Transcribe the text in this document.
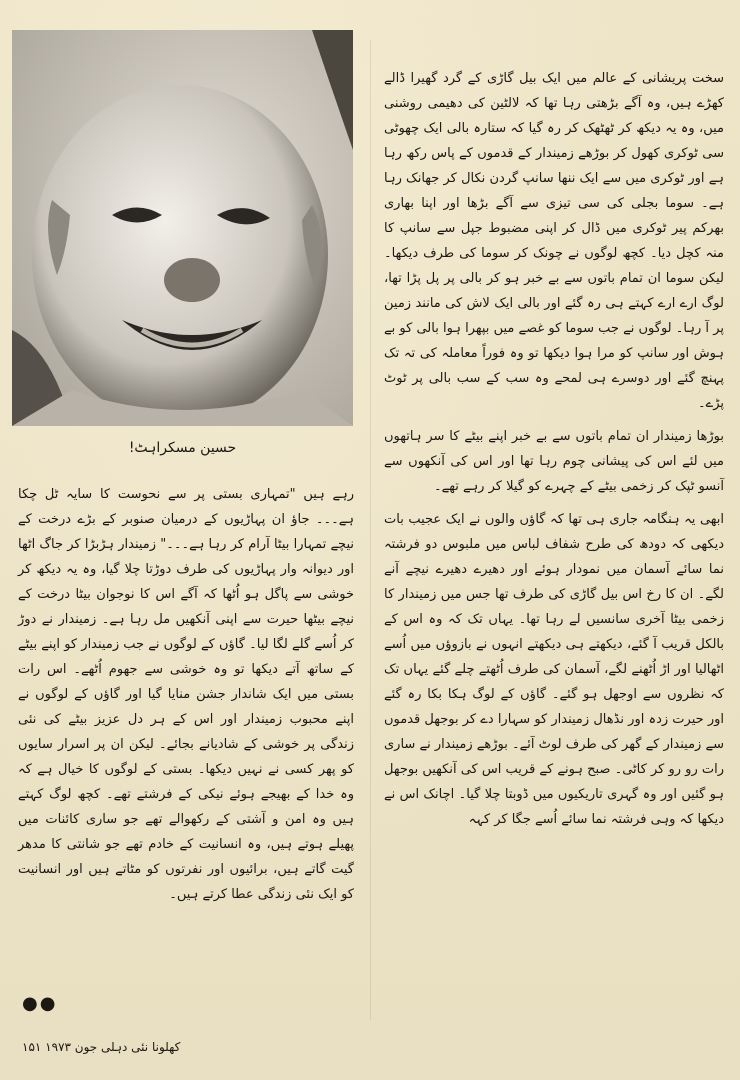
حسین مسکراہٹ!

سخت پریشانی کے عالم میں ایک بیل گاڑی کے گرد گھیرا ڈالے کھڑے ہیں، وہ آگے بڑھتی رہا تھا کہ لالٹین کی دھیمی روشنی میں، وہ یہ دیکھ کر ٹھٹھک کر رہ گیا کہ ستارہ بالی ایک چھوٹی سی ٹوکری کھول کر بوڑھے زمیندار کے قدموں کے پاس رکھ رہا ہے اور ٹوکری میں سے ایک ننھا سانپ گردن نکال کر جھانک رہا ہے۔ سوما بجلی کی سی تیزی سے آگے بڑھا اور اپنا بھاری بھرکم پیر ٹوکری میں ڈال کر اپنی مضبوط جپل سے سانپ کا منہ کچل دیا۔ کچھ لوگوں نے چونک کر سوما کی طرف دیکھا۔ لیکن سوما ان تمام باتوں سے بے خبر ہو کر بالی پر پل پڑا تھا، لوگ ارے ارے کہتے ہی رہ گئے اور بالی ایک لاش کی مانند زمین پر آ رہا۔ لوگوں نے جب سوما کو غصے میں بپھرا ہوا بالی کو بے ہوش اور سانپ کو مرا ہوا دیکھا تو وہ فوراً معاملہ کی تہ تک پہنچ گئے اور دوسرے ہی لمحے وہ سب کے سب بالی پر ٹوٹ پڑے۔

بوڑھا زمیندار ان تمام باتوں سے بے خبر اپنے بیٹے کا سر ہاتھوں میں لئے اس کی پیشانی چوم رہا تھا اور اس کی آنکھوں سے آنسو ٹپک کر زخمی بیٹے کے چہرے کو گیلا کر رہے تھے۔

ابھی یہ ہنگامہ جاری ہی تھا کہ گاؤں والوں نے ایک عجیب بات دیکھی کہ دودھ کی طرح شفاف لباس میں ملبوس دو فرشتہ نما سائے آسمان میں نمودار ہوئے اور دھیرے دھیرے نیچے آنے لگے۔ ان کا رخ اس بیل گاڑی کی طرف تھا جس میں زمیندار کا زخمی بیٹا آخری سانسیں لے رہا تھا۔ یہاں تک کہ وہ اس کے بالکل قریب آ گئے، دیکھتے ہی دیکھتے انہوں نے بازوؤں میں اُسے اٹھالیا اور اڑ اُٹھنے لگے، آسمان کی طرف اُٹھتے چلے گئے یہاں تک کہ نظروں سے اوجھل ہو گئے۔ گاؤں کے لوگ ہکا بکا رہ گئے اور حیرت زدہ اور نڈھال زمیندار کو سہارا دے کر بوجھل قدموں سے زمیندار کے گھر کی طرف لوٹ آئے۔ بوڑھے زمیندار نے ساری رات رو رو کر کاٹی۔ صبح ہونے کے قریب اس کی آنکھیں بوجھل ہو گئیں اور وہ گہری تاریکیوں میں ڈوبتا چلا گیا۔ اچانک اس نے دیکھا کہ وہی فرشتہ نما سائے اُسے جگا کر کہہ

رہے ہیں "تمہاری بستی پر سے نحوست کا سایہ ٹل چکا ہے۔۔۔ جاؤ ان پہاڑیوں کے درمیان صنوبر کے بڑے درخت کے نیچے تمہارا بیٹا آرام کر رہا ہے۔۔۔" زمیندار ہڑبڑا کر جاگ اٹھا اور دیوانہ وار پہاڑیوں کی طرف دوڑتا چلا گیا، وہ یہ دیکھ کر خوشی سے پاگل ہو اُٹھا کہ آگے اس کا نوجوان بیٹا درخت کے نیچے بیٹھا حیرت سے اپنی آنکھیں مل رہا ہے۔ زمیندار نے دوڑ کر اُسے گلے لگا لیا۔ گاؤں کے لوگوں نے جب زمیندار کو اپنے بیٹے کے ساتھ آتے دیکھا تو وہ خوشی سے جھوم اُٹھے۔ اس رات بستی میں ایک شاندار جشن منایا گیا اور گاؤں کے لوگوں نے اپنے محبوب زمیندار اور اس کے ہر دل عزیز بیٹے کی نئی زندگی پر خوشی کے شادیانے بجائے۔ لیکن ان پر اسرار سایوں کو پھر کسی نے نہیں دیکھا۔ بستی کے لوگوں کا خیال ہے کہ وہ خدا کے بھیجے ہوئے نیکی کے فرشتے تھے۔ کچھ لوگ کہتے ہیں وہ امن و آشتی کے رکھوالے تھے جو ساری کائنات میں پھیلے ہوتے ہیں، وہ انسانیت کے خادم تھے جو شانتی کا مدھر گیت گاتے ہیں، برائیوں اور نفرتوں کو مٹاتے ہیں اور انسانیت کو ایک نئی زندگی عطا کرتے ہیں۔

●●
کھلونا نئی دہلی جون ۱۹۷۳ ۱۵۱
